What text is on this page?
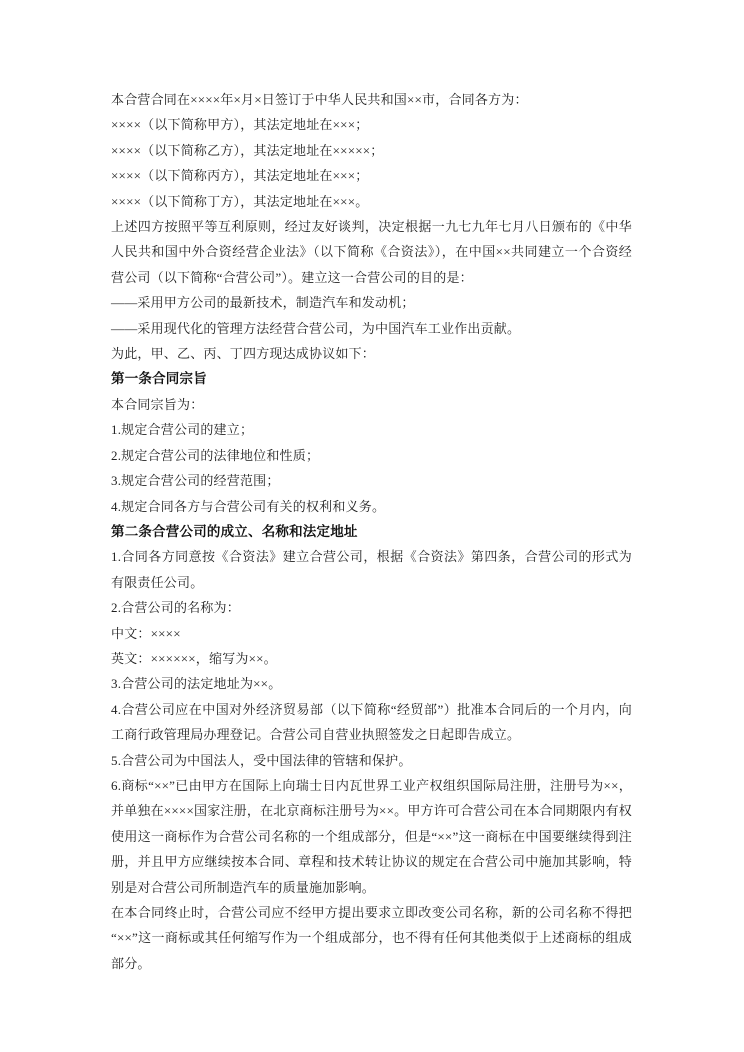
本合营合同在××××年×月×日签订于中华人民共和国××市，合同各方为：

××××（以下简称甲方），其法定地址在×××；

××××（以下简称乙方），其法定地址在×××××；

××××（以下简称丙方），其法定地址在×××；

××××（以下简称丁方），其法定地址在×××。

上述四方按照平等互利原则，经过友好谈判，决定根据一九七九年七月八日颁布的《中华人民共和国中外合资经营企业法》（以下简称《合资法》），在中国××共同建立一个合资经营公司（以下简称“合营公司”）。建立这一合营公司的目的是：

——采用甲方公司的最新技术，制造汽车和发动机；

——采用现代化的管理方法经营合营公司，为中国汽车工业作出贡献。

为此，甲、乙、丙、丁四方现达成协议如下：

第一条合同宗旨

本合同宗旨为：

1.规定合营公司的建立；

2.规定合营公司的法律地位和性质；

3.规定合营公司的经营范围；

4.规定合同各方与合营公司有关的权利和义务。

第二条合营公司的成立、名称和法定地址

1.合同各方同意按《合资法》建立合营公司，根据《合资法》第四条，合营公司的形式为有限责任公司。

2.合营公司的名称为：

中文：××××

英文：××××××，缩写为××。

3.合营公司的法定地址为××。

4.合营公司应在中国对外经济贸易部（以下简称“经贸部”）批准本合同后的一个月内，向工商行政管理局办理登记。合营公司自营业执照签发之日起即告成立。

5.合营公司为中国法人，受中国法律的管辖和保护。

6.商标“××”已由甲方在国际上向瑞士日内瓦世界工业产权组织国际局注册，注册号为××，并单独在××××国家注册，在北京商标注册号为××。甲方许可合营公司在本合同期限内有权使用这一商标作为合营公司名称的一个组成部分，但是“××”这一商标在中国要继续得到注册，并且甲方应继续按本合同、章程和技术转让协议的规定在合营公司中施加其影响，特别是对合营公司所制造汽车的质量施加影响。

在本合同终止时，合营公司应不经甲方提出要求立即改变公司名称，新的公司名称不得把“××”这一商标或其任何缩写作为一个组成部分，也不得有任何其他类似于上述商标的组成部分。
